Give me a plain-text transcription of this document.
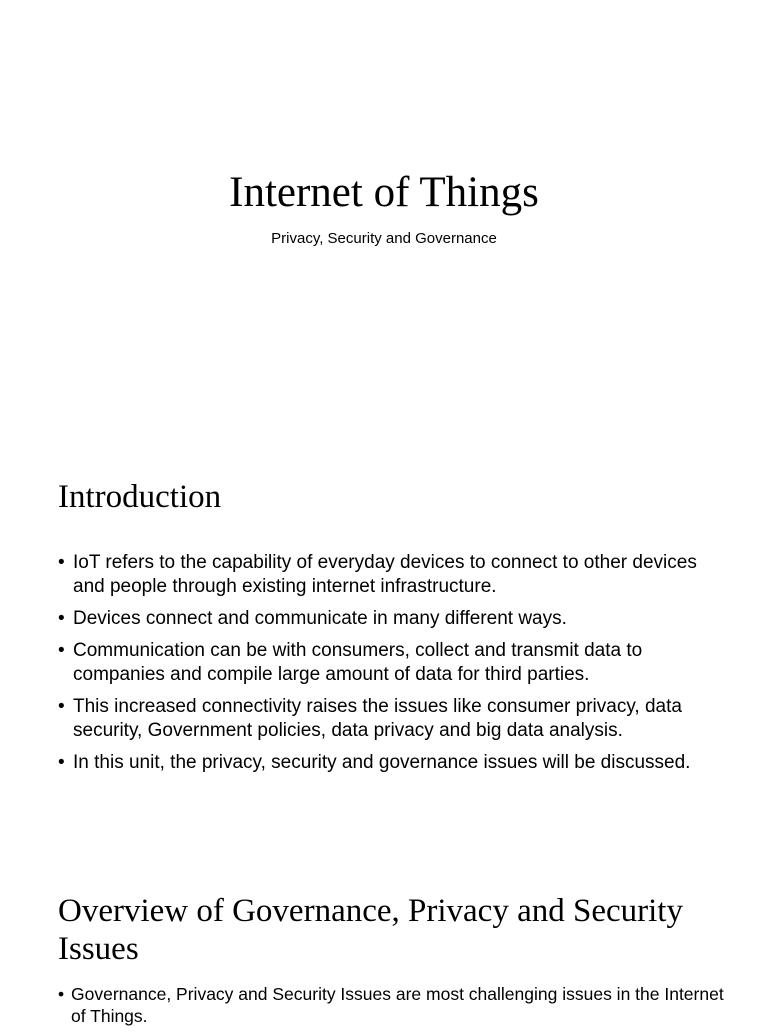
Internet of Things

Privacy, Security and Governance

Introduction
• IoT refers to the capability of everyday devices to connect to other devices and people through existing internet infrastructure.
• Devices connect and communicate in many different ways.
• Communication can be with consumers, collect and transmit data to companies and compile large amount of data for third parties.
• This increased connectivity raises the issues like consumer privacy, data security, Government policies, data privacy and big data analysis.
• In this unit, the privacy, security and governance issues will be discussed.
Overview of Governance, Privacy and Security Issues
• Governance, Privacy and Security Issues are most challenging issues in the Internet of Things.
